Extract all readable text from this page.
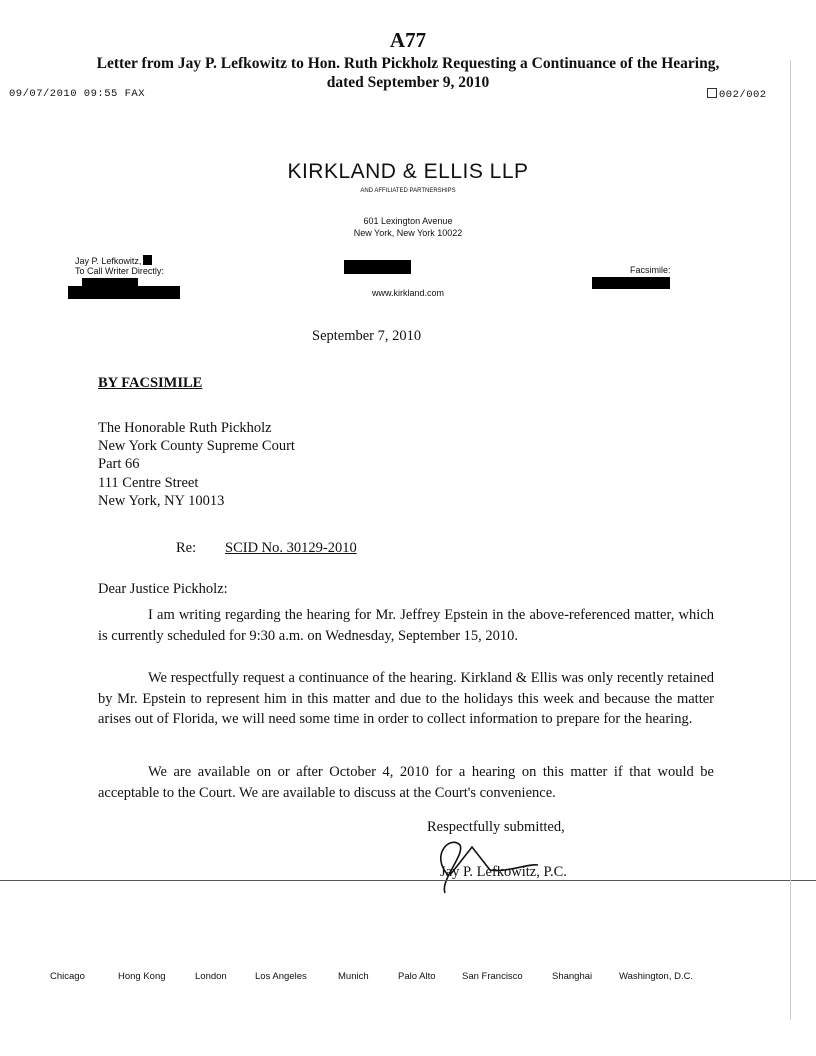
A77
Letter from Jay P. Lefkowitz to Hon. Ruth Pickholz Requesting a Continuance of the Hearing,
dated September 9, 2010
09/07/2010 09:55 FAX	002/002
KIRKLAND & ELLIS LLP
AND AFFILIATED PARTNERSHIPS
601 Lexington Avenue
New York, New York 10022
Jay P. Lefkowitz,
To Call Writer Directly:	Facsimile:
www.kirkland.com
September 7, 2010
BY FACSIMILE
The Honorable Ruth Pickholz
New York County Supreme Court
Part 66
111 Centre Street
New York, NY 10013
Re: SCID No. 30129-2010
Dear Justice Pickholz:
I am writing regarding the hearing for Mr. Jeffrey Epstein in the above-referenced matter, which is currently scheduled for 9:30 a.m. on Wednesday, September 15, 2010.
We respectfully request a continuance of the hearing. Kirkland & Ellis was only recently retained by Mr. Epstein to represent him in this matter and due to the holidays this week and because the matter arises out of Florida, we will need some time in order to collect information to prepare for the hearing.
We are available on or after October 4, 2010 for a hearing on this matter if that would be acceptable to the Court. We are available to discuss at the Court's convenience.
Respectfully submitted,
Jay P. Lefkowitz, P.C.
Chicago	Hong Kong	London	Los Angeles	Munich	Palo Alto	San Francisco	Shanghai	Washington, D.C.
